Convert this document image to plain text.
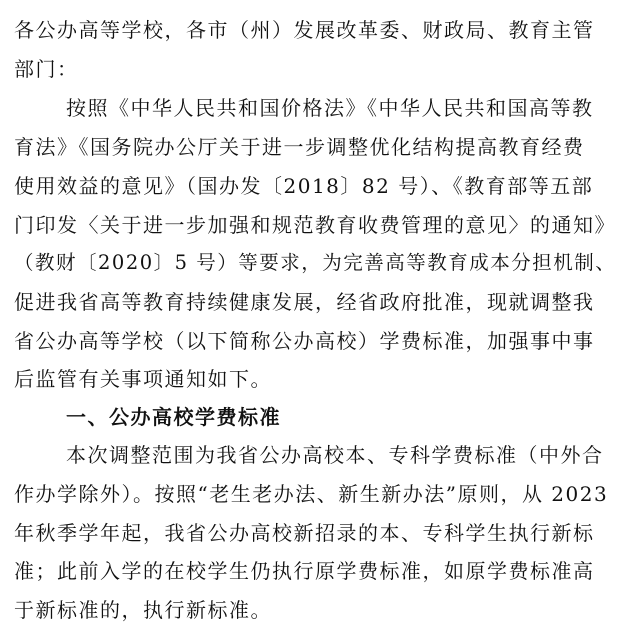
各公办高等学校，各市（州）发展改革委、财政局、教育主管
部门：
按照《中华人民共和国价格法》《中华人民共和国高等教
育法》《国务院办公厅关于进一步调整优化结构提高教育经费
使用效益的意见》（国办发〔2018〕82 号）、《教育部等五部
门印发〈关于进一步加强和规范教育收费管理的意见〉的通知》
（教财〔2020〕5 号）等要求，为完善高等教育成本分担机制、
促进我省高等教育持续健康发展，经省政府批准，现就调整我
省公办高等学校（以下简称公办高校）学费标准，加强事中事
后监管有关事项通知如下。
一、公办高校学费标准
本次调整范围为我省公办高校本、专科学费标准（中外合
作办学除外）。按照“老生老办法、新生新办法”原则，从 2023
年秋季学年起，我省公办高校新招录的本、专科学生执行新标
准；此前入学的在校学生仍执行原学费标准，如原学费标准高
于新标准的，执行新标准。
